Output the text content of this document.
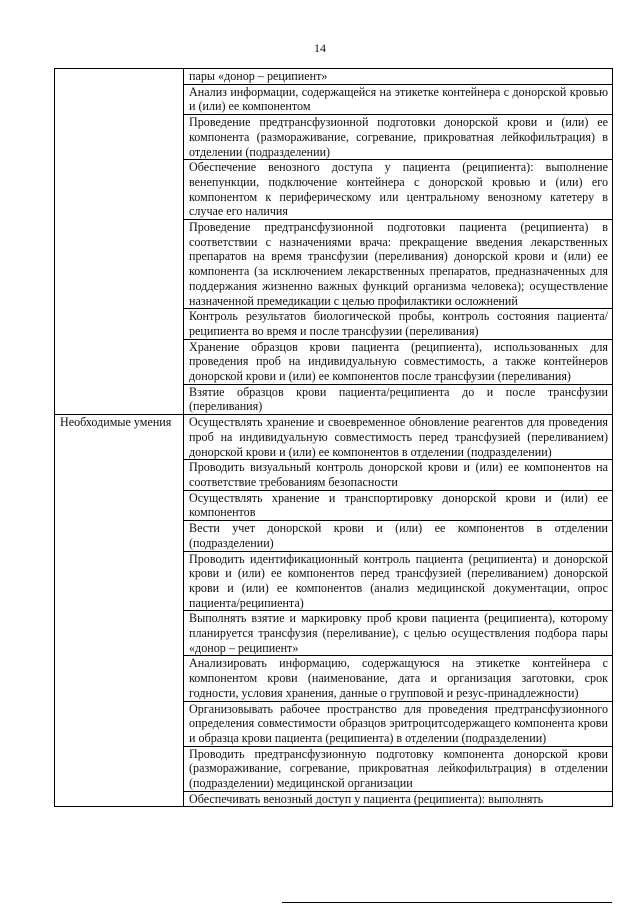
14
	пары «донор – реципиент»
	Анализ информации, содержащейся на этикетке контейнера с донорской кровью и (или) ее компонентом
	Проведение предтрансфузионной подготовки донорской крови и (или) ее компонента (размораживание, согревание, прикроватная лейкофильтрация) в отделении (подразделении)
	Обеспечение венозного доступа у пациента (реципиента): выполнение венепункции, подключение контейнера с донорской кровью и (или) его компонентом к периферическому или центральному венозному катетеру в случае его наличия
	Проведение предтрансфузионной подготовки пациента (реципиента) в соответствии с назначениями врача: прекращение введения лекарственных препаратов на время трансфузии (переливания) донорской крови и (или) ее компонента (за исключением лекарственных препаратов, предназначенных для поддержания жизненно важных функций организма человека); осуществление назначенной премедикации с целью профилактики осложнений
	Контроль результатов биологической пробы, контроль состояния пациента/реципиента во время и после трансфузии (переливания)
	Хранение образцов крови пациента (реципиента), использованных для проведения проб на индивидуальную совместимость, а также контейнеров донорской крови и (или) ее компонентов после трансфузии (переливания)
	Взятие образцов крови пациента/реципиента до и после трансфузии (переливания)
Необходимые умения	Осуществлять хранение и своевременное обновление реагентов для проведения проб на индивидуальную совместимость перед трансфузией (переливанием) донорской крови и (или) ее компонентов в отделении (подразделении)
	Проводить визуальный контроль донорской крови и (или) ее компонентов на соответствие требованиям безопасности
	Осуществлять хранение и транспортировку донорской крови и (или) ее компонентов
	Вести учет донорской крови и (или) ее компонентов в отделении (подразделении)
	Проводить идентификационный контроль пациента (реципиента) и донорской крови и (или) ее компонентов перед трансфузией (переливанием) донорской крови и (или) ее компонентов (анализ медицинской документации, опрос пациента/реципиента)
	Выполнять взятие и маркировку проб крови пациента (реципиента), которому планируется трансфузия (переливание), с целью осуществления подбора пары «донор – реципиент»
	Анализировать информацию, содержащуюся на этикетке контейнера с компонентом крови (наименование, дата и организация заготовки, срок годности, условия хранения, данные о групповой и резус-принадлежности)
	Организовывать рабочее пространство для проведения предтрансфузионного определения совместимости образцов эритроцитсодержащего компонента крови и образца крови пациента (реципиента) в отделении (подразделении)
	Проводить предтрансфузионную подготовку компонента донорской крови (размораживание, согревание, прикроватная лейкофильтрация) в отделении (подразделении) медицинской организации
	Обеспечивать венозный доступ у пациента (реципиента): выполнять
